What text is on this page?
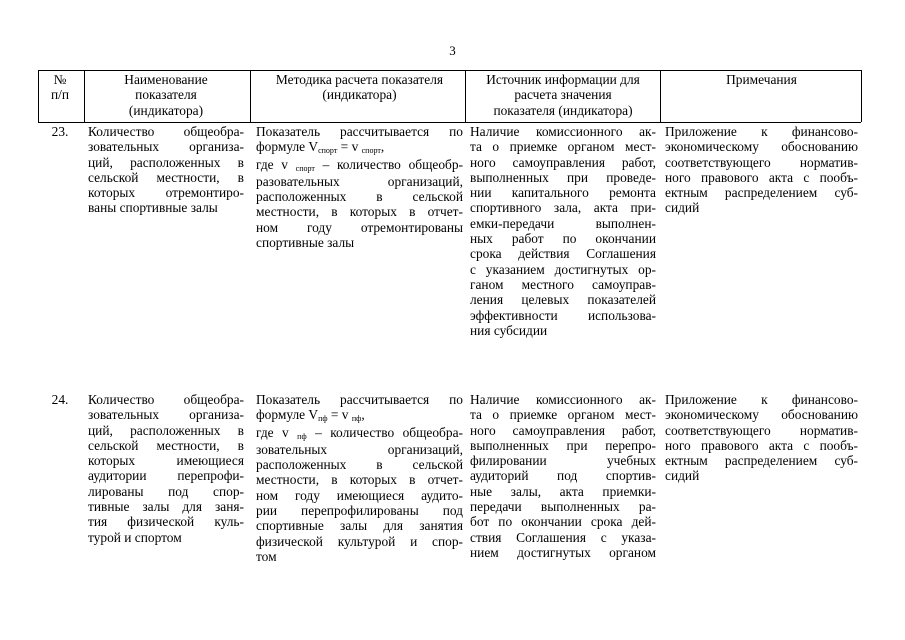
3
№
п/п
Наименование
показателя
(индикатора)
Методика расчета показателя
(индикатора)
Источник информации для
расчета значения
показателя (индикатора)
Примечания
23.	Количество общеобра-
зовательных организа-
ций, расположенных в
сельской местности, в
которых отремонтиро-
ваны спортивные залы
Показатель рассчитывается по
формуле $V_{спорт} = v$ $_{спорт}$,
где v $_{спорт}$ – количество общеобр-
разовательных организаций,
расположенных в сельской
местности, в которых в отчет-
ном году отремонтированы
спортивные залы
Наличие комиссионного ак-
та о приемке органом мест-
ного самоуправления работ,
выполненных при проведе-
нии капитального ремонта
спортивного зала, акта при-
емки-передачи выполнен-
ных работ по окончании
срока действия Соглашения
с указанием достигнутых ор-
ганом местного самоуправ-
ления целевых показателей
эффективности использова-
ния субсидии
Приложение к финансово-
экономическому обоснованию
соответствующего норматив-
ного правового акта с пообъ-
ектным распределением суб-
сидий
24.	Количество общеобра-
зовательных организа-
ций, расположенных в
сельской местности, в
которых имеющиеся
аудитории перепрофи-
лированы под спор-
тивные залы для заня-
тия физической куль-
турой и спортом
Показатель рассчитывается по
формуле $V_{пф} = v$ $_{пф}$,
где v $_{пф}$ – количество общеобра-
зовательных организаций,
расположенных в сельской
местности, в которых в отчет-
ном году имеющиеся аудито-
рии перепрофилированы под
спортивные залы для занятия
физической культурой и спор-
том
Наличие комиссионного ак-
та о приемке органом мест-
ного самоуправления работ,
выполненных при перепро-
филировании учебных
аудиторий под спортив-
ные залы, акта приемки-
передачи выполненных ра-
бот по окончании срока дей-
ствия Соглашения с указа-
нием достигнутых органом
Приложение к финансово-
экономическому обоснованию
соответствующего норматив-
ного правового акта с пообъ-
ектным распределением суб-
сидий
